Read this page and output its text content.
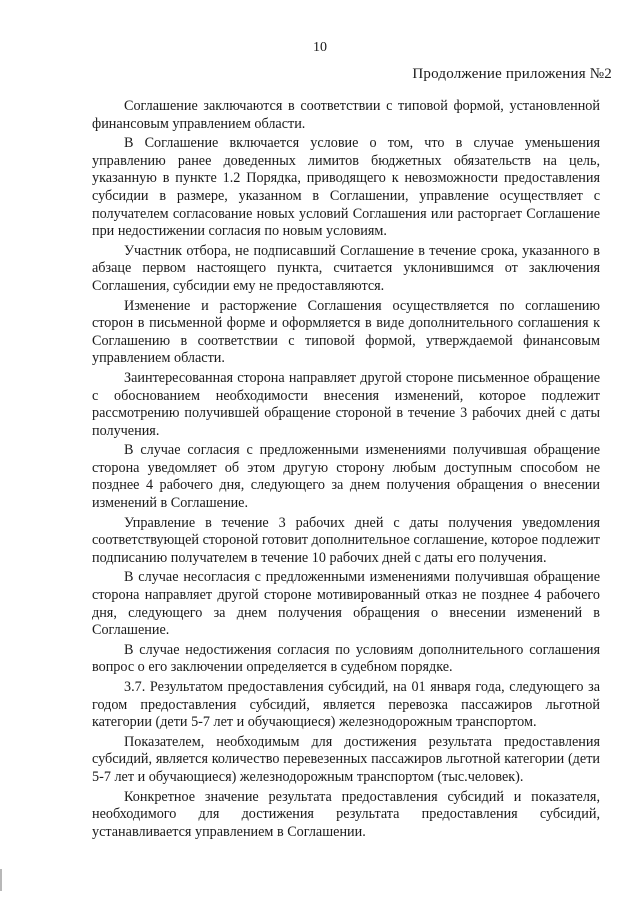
10
Продолжение приложения №2

Соглашение заключаются в соответствии с типовой формой, установленной финансовым управлением области.

В Соглашение включается условие о том, что в случае уменьшения управлению ранее доведенных лимитов бюджетных обязательств на цель, указанную в пункте 1.2 Порядка, приводящего к невозможности предоставления субсидии в размере, указанном в Соглашении, управление осуществляет с получателем согласование новых условий Соглашения или расторгает Соглашение при недостижении согласия по новым условиям.

Участник отбора, не подписавший Соглашение в течение срока, указанного в абзаце первом настоящего пункта, считается уклонившимся от заключения Соглашения, субсидии ему не предоставляются.

Изменение и расторжение Соглашения осуществляется по соглашению сторон в письменной форме и оформляется в виде дополнительного соглашения к Соглашению в соответствии с типовой формой, утверждаемой финансовым управлением области.

Заинтересованная сторона направляет другой стороне письменное обращение с обоснованием необходимости внесения изменений, которое подлежит рассмотрению получившей обращение стороной в течение 3 рабочих дней с даты получения.

В случае согласия с предложенными изменениями получившая обращение сторона уведомляет об этом другую сторону любым доступным способом не позднее 4 рабочего дня, следующего за днем получения обращения о внесении изменений в Соглашение.

Управление в течение 3 рабочих дней с даты получения уведомления соответствующей стороной готовит дополнительное соглашение, которое подлежит подписанию получателем в течение 10 рабочих дней с даты его получения.

В случае несогласия с предложенными изменениями получившая обращение сторона направляет другой стороне мотивированный отказ не позднее 4 рабочего дня, следующего за днем получения обращения о внесении изменений в Соглашение.

В случае недостижения согласия по условиям дополнительного соглашения вопрос о его заключении определяется в судебном порядке.

3.7. Результатом предоставления субсидий, на 01 января года, следующего за годом предоставления субсидий, является перевозка пассажиров льготной категории (дети 5-7 лет и обучающиеся) железнодорожным транспортом.

Показателем, необходимым для достижения результата предоставления субсидий, является количество перевезенных пассажиров льготной категории (дети 5-7 лет и обучающиеся) железнодорожным транспортом (тыс.человек).

Конкретное значение результата предоставления субсидий и показателя, необходимого для достижения результата предоставления субсидий, устанавливается управлением в Соглашении.
